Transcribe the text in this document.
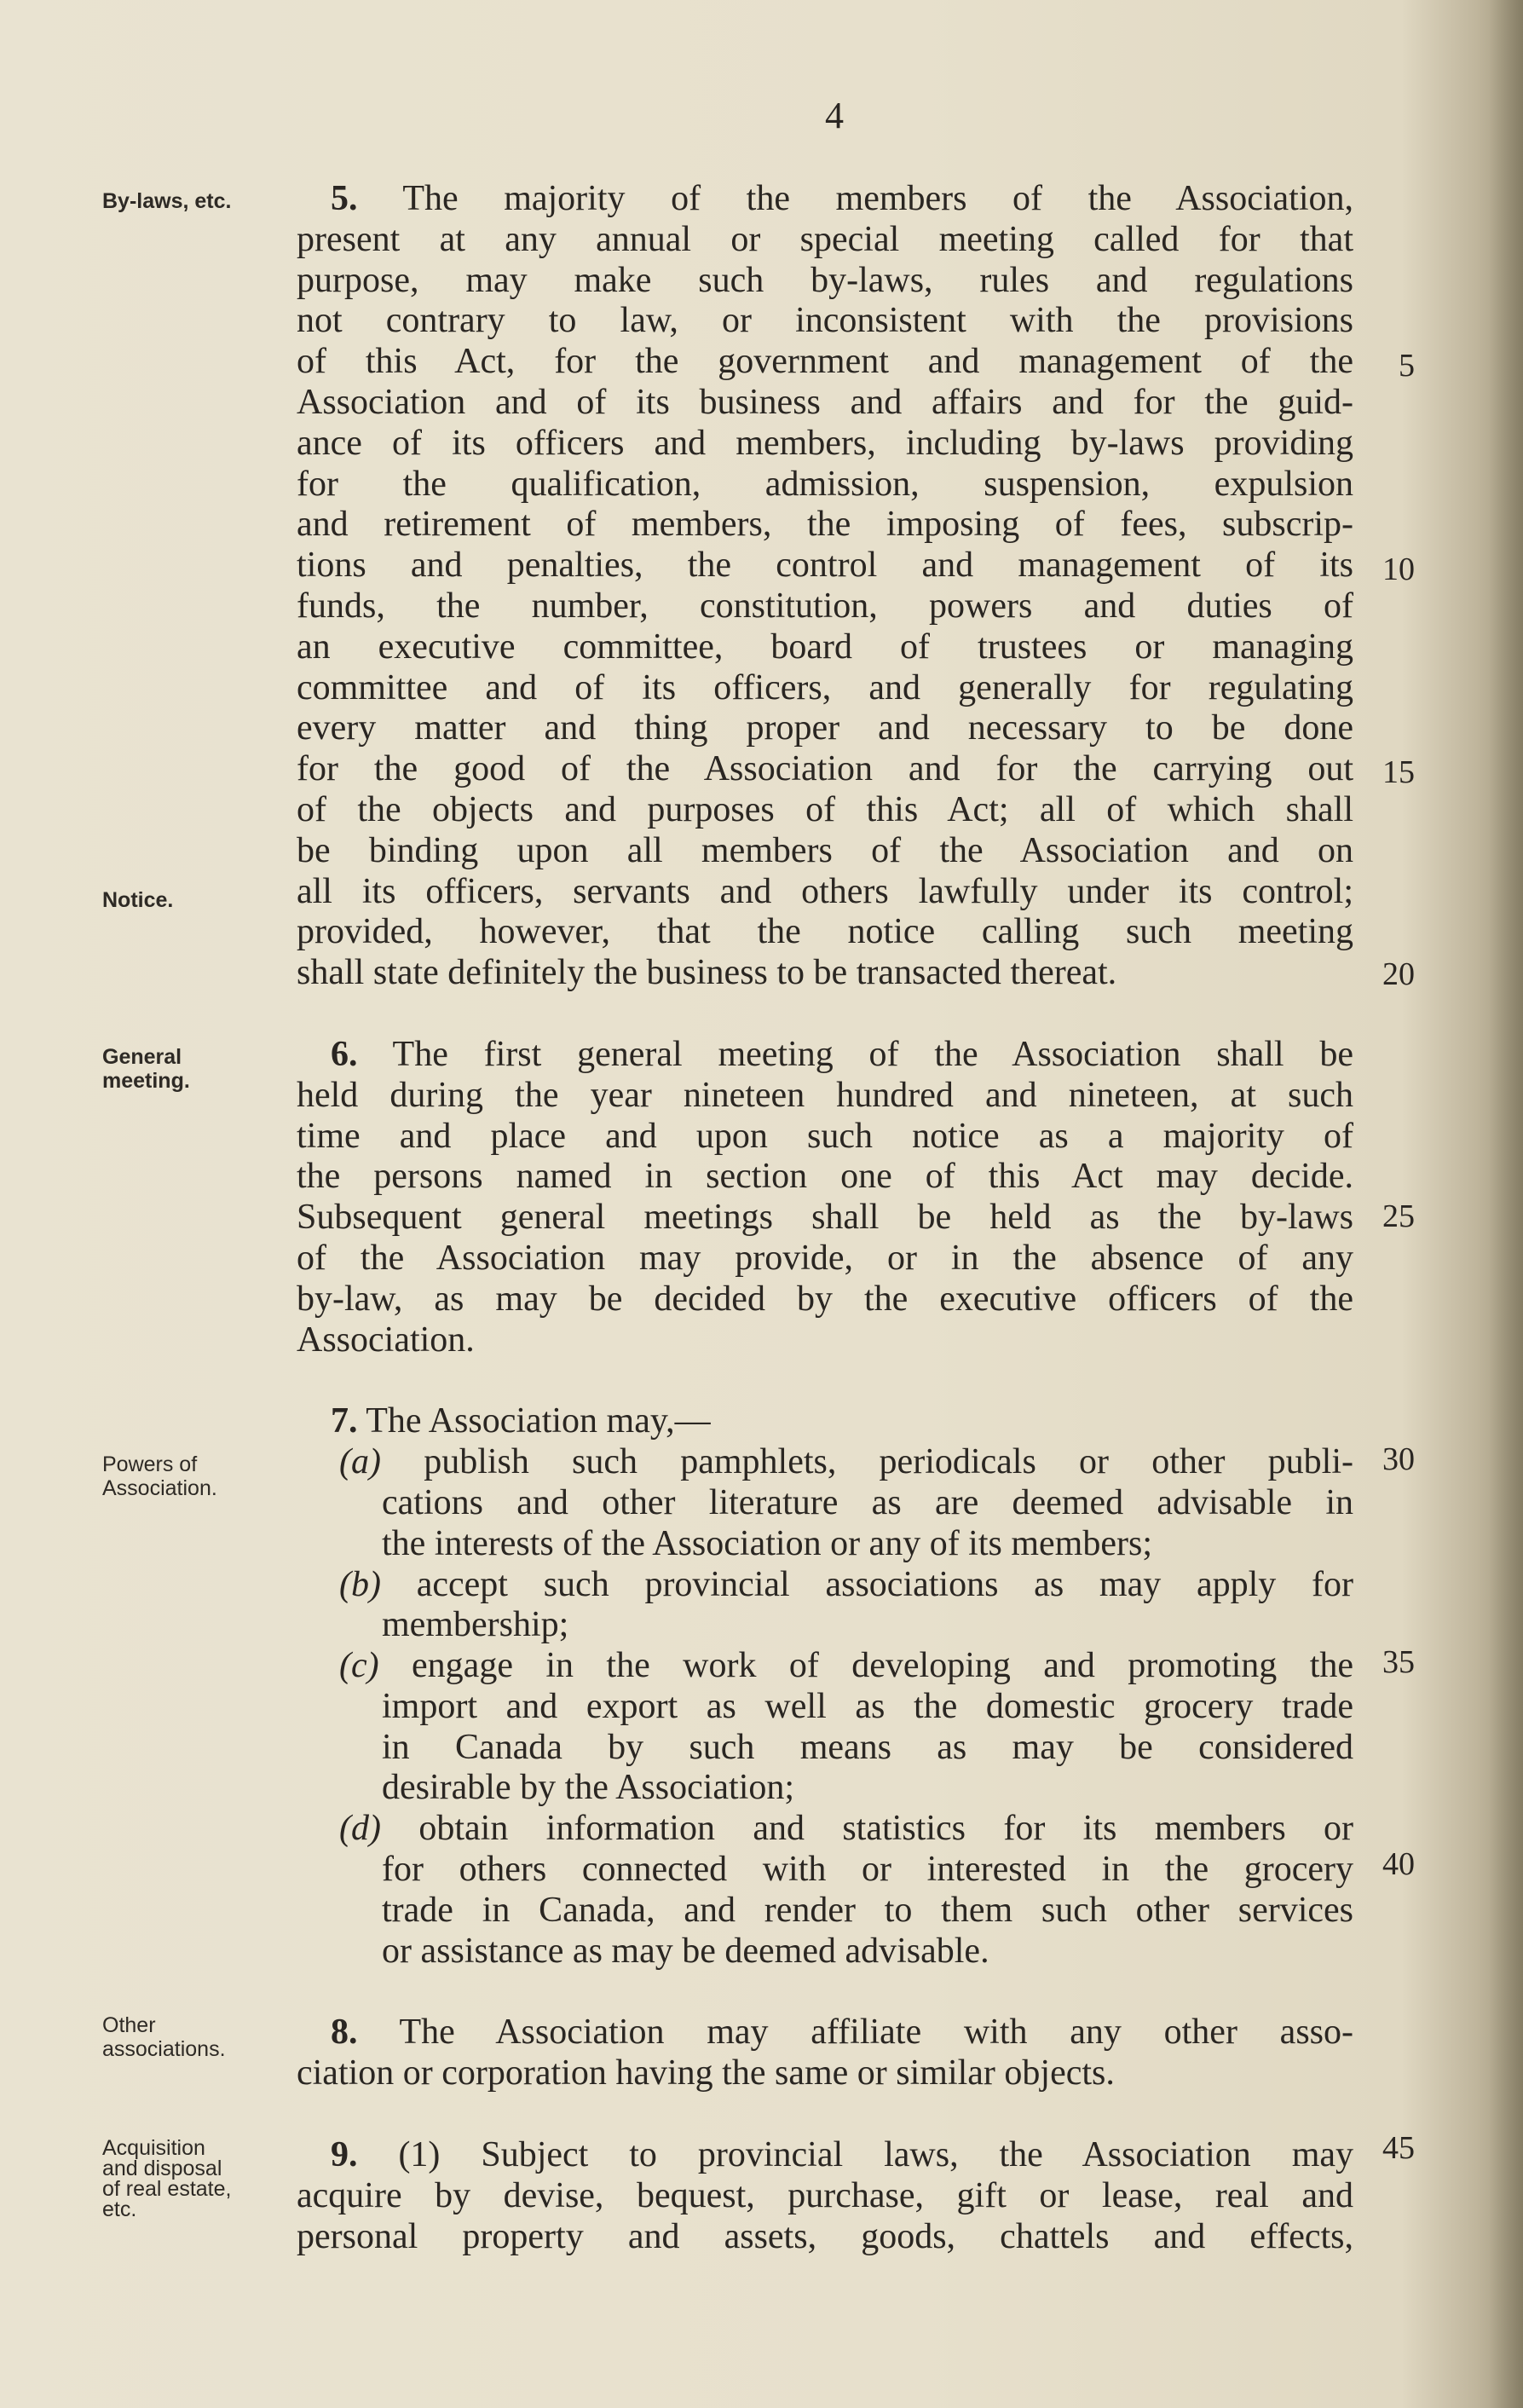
4
By-laws, etc.
Notice.
General
meeting.
Powers of
Association.
Other
associations.
Acquisition
and disposal
of real estate,
etc.
5
10
15
20
25
30
35
40
45
5. The majority of the members of the Association,
present at any annual or special meeting called for that
purpose, may make such by-laws, rules and regulations
not contrary to law, or inconsistent with the provisions
of this Act, for the government and management of the
Association and of its business and affairs and for the guid-
ance of its officers and members, including by-laws providing
for the qualification, admission, suspension, expulsion
and retirement of members, the imposing of fees, subscrip-
tions and penalties, the control and management of its
funds, the number, constitution, powers and duties of
an executive committee, board of trustees or managing
committee and of its officers, and generally for regulating
every matter and thing proper and necessary to be done
for the good of the Association and for the carrying out
of the objects and purposes of this Act; all of which shall
be binding upon all members of the Association and on
all its officers, servants and others lawfully under its control;
provided, however, that the notice calling such meeting
shall state definitely the business to be transacted thereat.
6. The first general meeting of the Association shall be
held during the year nineteen hundred and nineteen, at such
time and place and upon such notice as a majority of
the persons named in section one of this Act may decide.
Subsequent general meetings shall be held as the by-laws
of the Association may provide, or in the absence of any
by-law, as may be decided by the executive officers of the
Association.
7. The Association may,—
(a) publish such pamphlets, periodicals or other publi-
cations and other literature as are deemed advisable in
the interests of the Association or any of its members;
(b) accept such provincial associations as may apply for
membership;
(c) engage in the work of developing and promoting the
import and export as well as the domestic grocery trade
in Canada by such means as may be considered
desirable by the Association;
(d) obtain information and statistics for its members or
for others connected with or interested in the grocery
trade in Canada, and render to them such other services
or assistance as may be deemed advisable.
8. The Association may affiliate with any other asso-
ciation or corporation having the same or similar objects.
9. (1) Subject to provincial laws, the Association may
acquire by devise, bequest, purchase, gift or lease, real and
personal property and assets, goods, chattels and effects,
